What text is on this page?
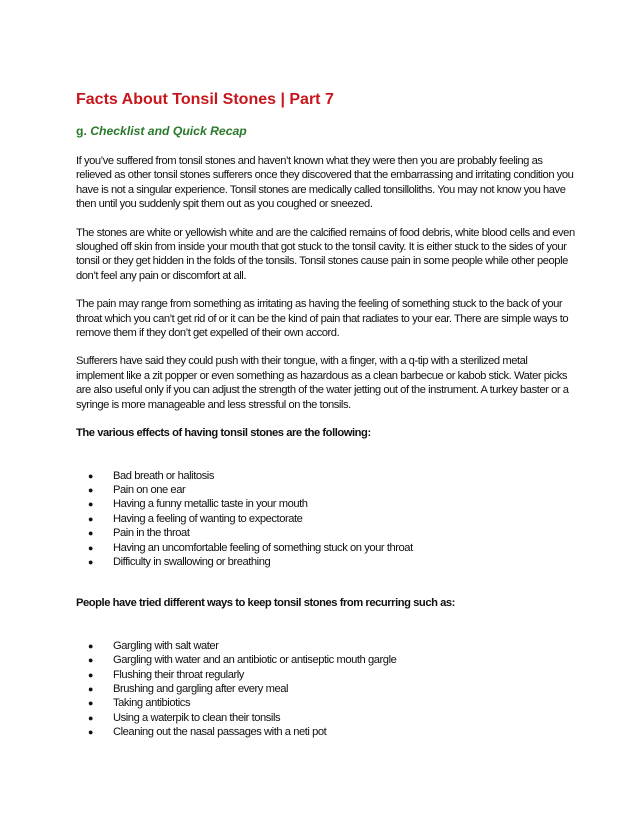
Facts About Tonsil Stones | Part 7
g. Checklist and Quick Recap

If you’ve suffered from tonsil stones and haven’t known what they were then you are probably feeling as relieved as other tonsil stones sufferers once they discovered that the embarrassing and irritating condition you have is not a singular experience. Tonsil stones are medically called tonsilloliths. You may not know you have then until you suddenly spit them out as you coughed or sneezed.

The stones are white or yellowish white and are the calcified remains of food debris, white blood cells and even sloughed off skin from inside your mouth that got stuck to the tonsil cavity. It is either stuck to the sides of your tonsil or they get hidden in the folds of the tonsils. Tonsil stones cause pain in some people while other people don’t feel any pain or discomfort at all.

The pain may range from something as irritating as having the feeling of something stuck to the back of your throat which you can’t get rid of or it can be the kind of pain that radiates to your ear. There are simple ways to remove them if they don’t get expelled of their own accord.

Sufferers have said they could push with their tongue, with a finger, with a q-tip with a sterilized metal implement like a zit popper or even something as hazardous as a clean barbecue or kabob stick. Water picks are also useful only if you can adjust the strength of the water jetting out of the instrument. A turkey baster or a syringe is more manageable and less stressful on the tonsils.

The various effects of having tonsil stones are the following:
● Bad breath or halitosis
● Pain on one ear
● Having a funny metallic taste in your mouth
● Having a feeling of wanting to expectorate
● Pain in the throat
● Having an uncomfortable feeling of something stuck on your throat
● Difficulty in swallowing or breathing
People have tried different ways to keep tonsil stones from recurring such as:
● Gargling with salt water
● Gargling with water and an antibiotic or antiseptic mouth gargle
● Flushing their throat regularly
● Brushing and gargling after every meal
● Taking antibiotics
● Using a waterpik to clean their tonsils
● Cleaning out the nasal passages with a neti pot
